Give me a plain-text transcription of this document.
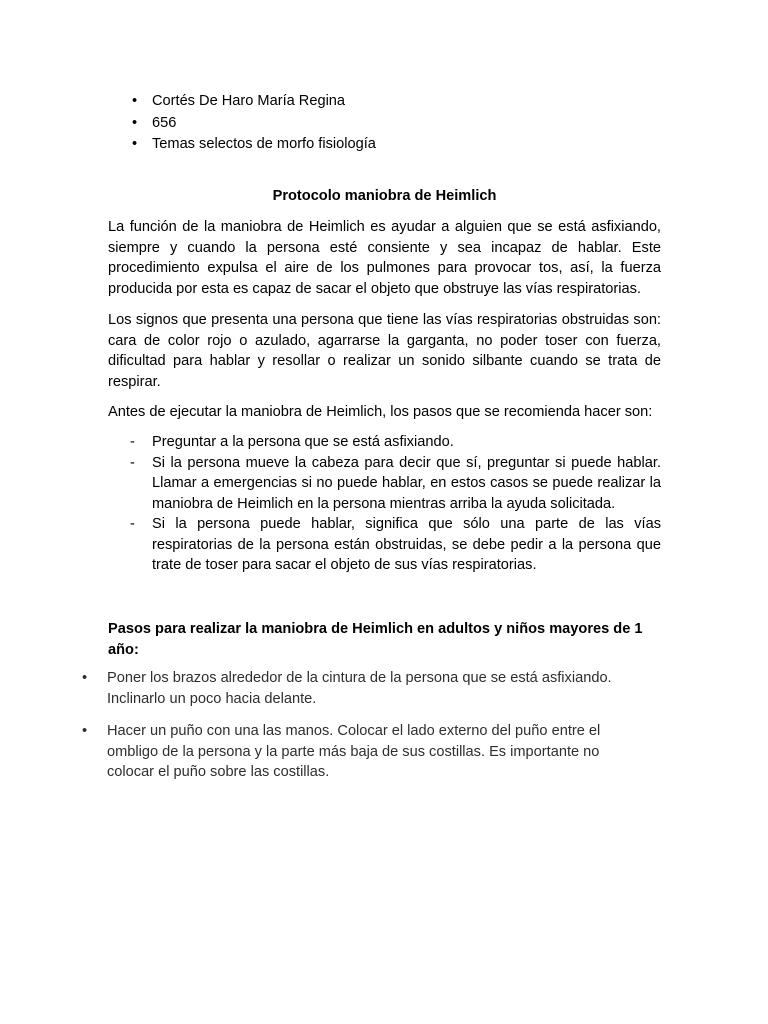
• Cortés De Haro María Regina
• 656
• Temas selectos de morfo fisiología
Protocolo maniobra de Heimlich

La función de la maniobra de Heimlich es ayudar a alguien que se está asfixiando, siempre y cuando la persona esté consiente y sea incapaz de hablar. Este procedimiento expulsa el aire de los pulmones para provocar tos, así, la fuerza producida por esta es capaz de sacar el objeto que obstruye las vías respiratorias.

Los signos que presenta una persona que tiene las vías respiratorias obstruidas son: cara de color rojo o azulado, agarrarse la garganta, no poder toser con fuerza, dificultad para hablar y resollar o realizar un sonido silbante cuando se trata de respirar.

Antes de ejecutar la maniobra de Heimlich, los pasos que se recomienda hacer son:

- Preguntar a la persona que se está asfixiando.
- Si la persona mueve la cabeza para decir que sí, preguntar si puede hablar. Llamar a emergencias si no puede hablar, en estos casos se puede realizar la maniobra de Heimlich en la persona mientras arriba la ayuda solicitada.
- Si la persona puede hablar, significa que sólo una parte de las vías respiratorias de la persona están obstruidas, se debe pedir a la persona que trate de toser para sacar el objeto de sus vías respiratorias.
Pasos para realizar la maniobra de Heimlich en adultos y niños mayores de 1 año:
• Poner los brazos alrededor de la cintura de la persona que se está asfixiando. Inclinarlo un poco hacia delante.
• Hacer un puño con una las manos. Colocar el lado externo del puño entre el ombligo de la persona y la parte más baja de sus costillas. Es importante no colocar el puño sobre las costillas.
